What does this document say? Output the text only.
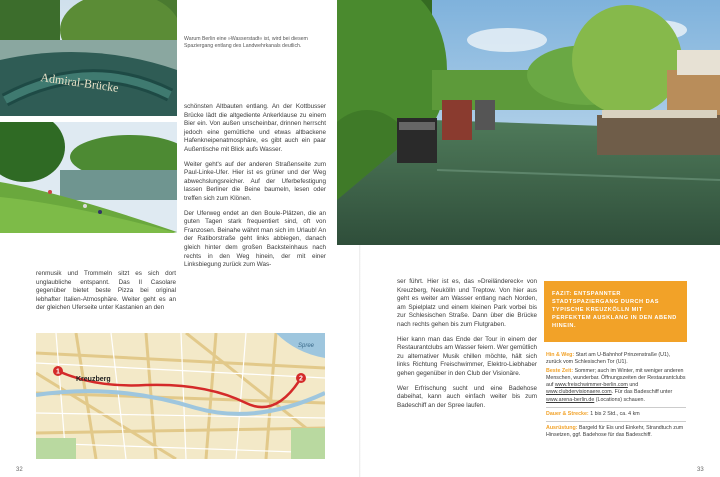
Admiral-Brücke
Warum Berlin eine »Wasserstadt« ist, wird bei diesem Spaziergang entlang des Landwehrkanals deutlich.

schönsten Altbauten entlang. An der Kottbusser Brücke lädt die altgediente Ankerklause zu einem Bier ein. Von außen unscheinbar, drinnen herrscht jedoch eine gemütliche und etwas altbackene Hafenkneipenatmosphäre, es gibt auch ein paar Außentische mit Blick aufs Wasser.

Weiter geht's auf der anderen Straßenseite zum Paul-Linke-Ufer. Hier ist es grüner und der Weg abwechslungsreicher. Auf der Uferbefestigung lassen Berliner die Beine baumeln, lesen oder treffen sich zum Klönen.

Der Uferweg endet an den Boule-Plätzen, die an guten Tagen stark frequentiert sind, oft von Franzosen. Beinahe wähnt man sich im Urlaub! An der Ratiborstraße geht links abbiegen, danach gleich hinter dem großen Backsteinhaus nach rechts in den Weg hinein, der mit einer Linksbiegung zurück zum Was-

renmusik und Trommeln sitzt es sich dort unglaubliche entspannt. Das Il Casolare gegenüber bietet beste Pizza bei original lebhafter Italien-Atmosphäre. Weiter geht es an der gleichen Uferseite unter Kastanien an den

1
2
Kreuzberg
Spree

ser führt. Hier ist es, das »Dreiländereck« von Kreuzberg, Neukölln und Treptow. Von hier aus geht es weiter am Wasser entlang nach Norden, am Spielplatz und einem kleinen Park vorbei bis zur Schlesischen Straße. Dann über die Brücke nach rechts gehen bis zum Flutgraben.

Hier kann man das Ende der Tour in einem der Restaurantclubs am Wasser feiern. Wer gemütlich zu alternativer Musik chillen möchte, hält sich links Richtung Freischwimmer, Elektro-Liebhaber gehen gegenüber in den Club der Visionäre.

Wer Erfrischung sucht und eine Badehose dabeihat, kann auch einfach weiter bis zum Badeschiff an der Spree laufen.

FAZIT: ENTSPANNTER STADTSPAZIERGANG DURCH DAS TYPISCHE KREUZKÖLLN MIT PERFEKTEM AUSKLANG IN DEN ABEND HINEIN.
Hin & Weg: Start am U-Bahnhof Prinzenstraße (U1), zurück vom Schlesischen Tor (U1).
Beste Zeit: Sommer; auch im Winter, mit weniger anderen Menschen, wunderbar. Öffnungszeiten der Restaurantclubs auf www.freischwimmer-berlin.com und www.clubdervisionaere.com. Für das Badeschiff unter www.arena-berlin.de (Locations) schauen.
Dauer & Strecke: 1 bis 2 Std., ca. 4 km
Ausrüstung: Bargeld für Eis und Einkehr, Strandtuch zum Hinsetzen, ggf. Badehose für das Badeschiff.
32	33
